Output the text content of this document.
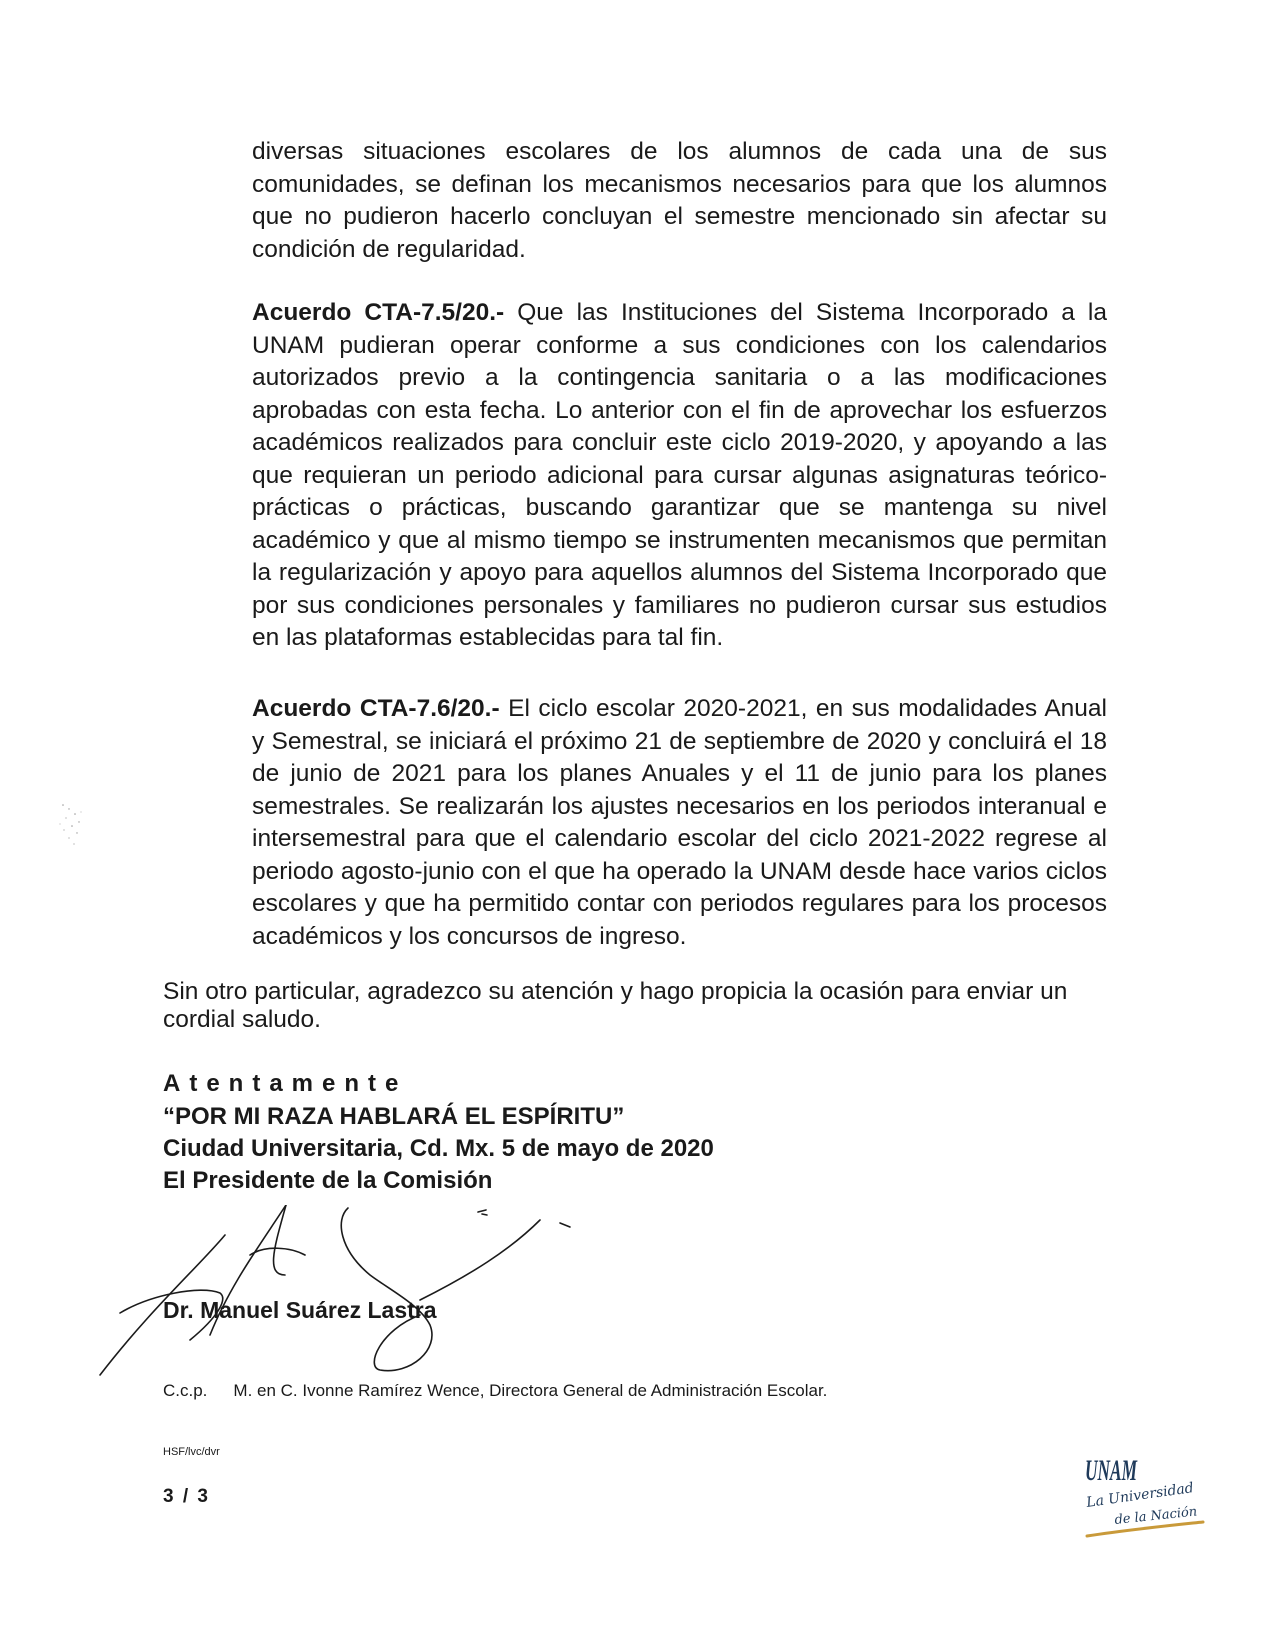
diversas situaciones escolares de los alumnos de cada una de sus comunidades, se definan los mecanismos necesarios para que los alumnos que no pudieron hacerlo concluyan el semestre mencionado sin afectar su condición de regularidad.

Acuerdo CTA-7.5/20.- Que las Instituciones del Sistema Incorporado a la UNAM pudieran operar conforme a sus condiciones con los calendarios autorizados previo a la contingencia sanitaria o a las modificaciones aprobadas con esta fecha. Lo anterior con el fin de aprovechar los esfuerzos académicos realizados para concluir este ciclo 2019-2020, y apoyando a las que requieran un periodo adicional para cursar algunas asignaturas teórico-prácticas o prácticas, buscando garantizar que se mantenga su nivel académico y que al mismo tiempo se instrumenten mecanismos que permitan la regularización y apoyo para aquellos alumnos del Sistema Incorporado que por sus condiciones personales y familiares no pudieron cursar sus estudios en las plataformas establecidas para tal fin.

Acuerdo CTA-7.6/20.- El ciclo escolar 2020-2021, en sus modalidades Anual y Semestral, se iniciará el próximo 21 de septiembre de 2020 y concluirá el 18 de junio de 2021 para los planes Anuales y el 11 de junio para los planes semestrales. Se realizarán los ajustes necesarios en los periodos interanual e intersemestral para que el calendario escolar del ciclo 2021-2022 regrese al periodo agosto-junio con el que ha operado la UNAM desde hace varios ciclos escolares y que ha permitido contar con periodos regulares para los procesos académicos y los concursos de ingreso.

Sin otro particular, agradezco su atención y hago propicia la ocasión para enviar un cordial saludo.

Atentamente

“POR MI RAZA HABLARÁ EL ESPÍRITU”

Ciudad Universitaria, Cd. Mx. 5 de mayo de 2020

El Presidente de la Comisión

Dr. Manuel Suárez Lastra

C.c.p. M. en C. Ivonne Ramírez Wence, Directora General de Administración Escolar.

HSF/lvc/dvr

3 / 3

UNAM
La Universidad
de la Nación
